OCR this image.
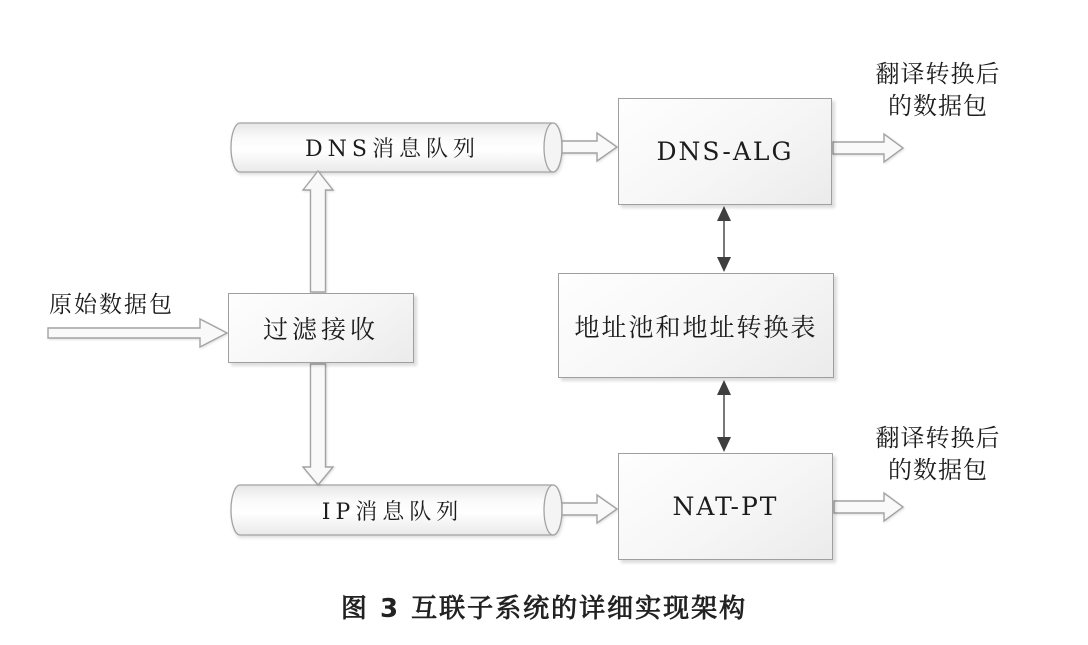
过滤接收
DNS-ALG
地址池和地址转换表
NAT-PT
DNS消息队列
IP消息队列
原始数据包
翻译转换后
的数据包
翻译转换后
的数据包
图 3 互联子系统的详细实现架构
